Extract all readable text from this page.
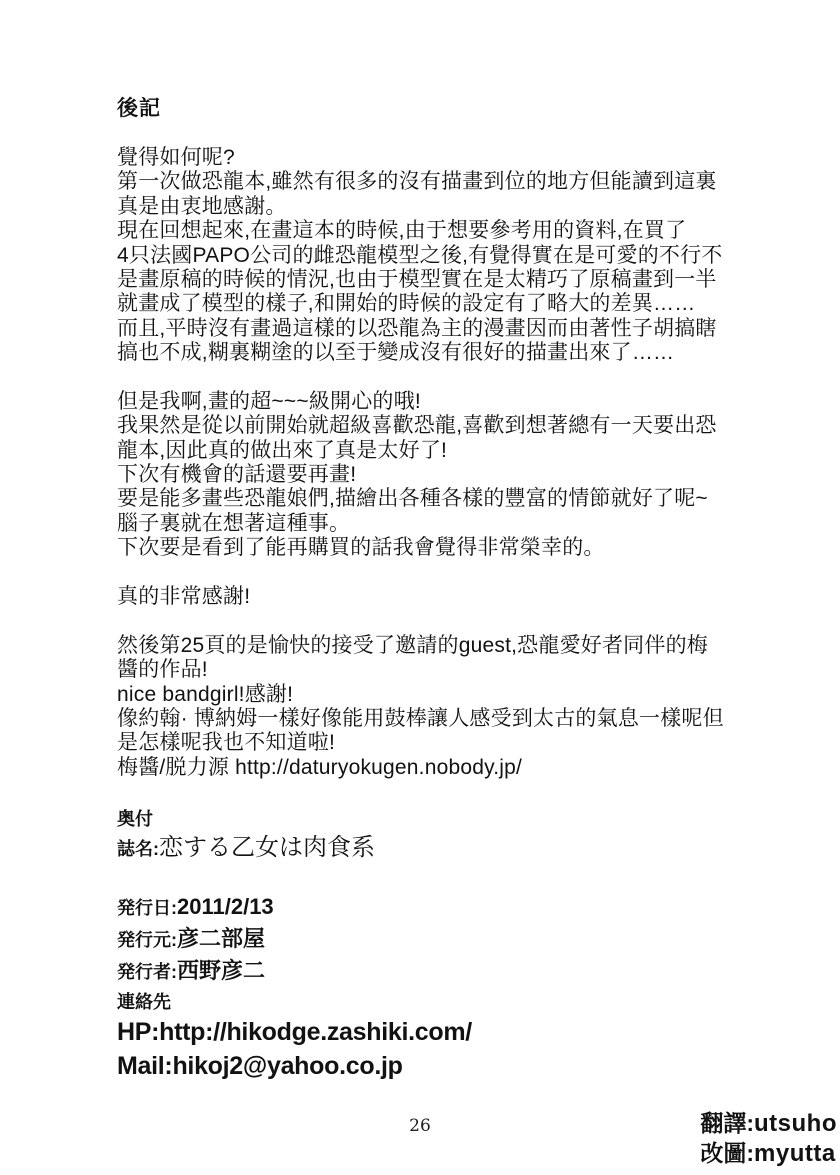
後記
覺得如何呢?
第一次做恐龍本,雖然有很多的沒有描畫到位的地方但能讀到這裏
真是由衷地感謝。
現在回想起來,在畫這本的時候,由于想要參考用的資料,在買了
4只法國PAPO公司的雌恐龍模型之後,有覺得實在是可愛的不行不
是畫原稿的時候的情況,也由于模型實在是太精巧了原稿畫到一半
就畫成了模型的樣子,和開始的時候的設定有了略大的差異……
而且,平時沒有畫過這樣的以恐龍為主的漫畫因而由著性子胡搞瞎
搞也不成,糊裏糊塗的以至于變成沒有很好的描畫出來了……

但是我啊,畫的超~~~級開心的哦!
我果然是從以前開始就超級喜歡恐龍,喜歡到想著總有一天要出恐
龍本,因此真的做出來了真是太好了!
下次有機會的話還要再畫!
要是能多畫些恐龍娘們,描繪出各種各樣的豐富的情節就好了呢~
腦子裏就在想著這種事。
下次要是看到了能再購買的話我會覺得非常榮幸的。

真的非常感謝!

然後第25頁的是愉快的接受了邀請的guest,恐龍愛好者同伴的梅
醬的作品!
nice bandgirl!感謝!
像約翰· 博納姆一樣好像能用鼓棒讓人感受到太古的氣息一樣呢但
是怎樣呢我也不知道啦!
梅醬/脱力源 http://daturyokugen.nobody.jp/
奥付
誌名:恋する乙女は肉食系
発行日:2011/2/13
発行元:彦二部屋
発行者:西野彦二
連絡先
HP:http://hikodge.zashiki.com/
Mail:hikoj2@yahoo.co.jp
26	翻譯:utsuho
改圖:myutta
